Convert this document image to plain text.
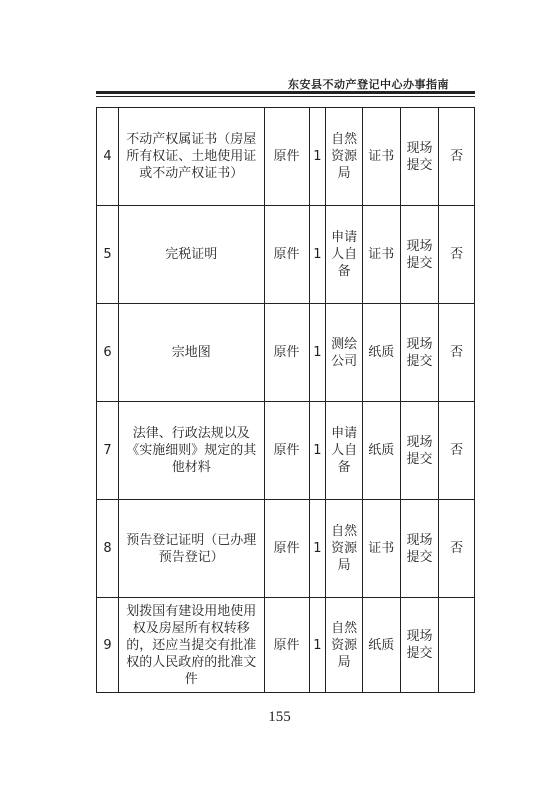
东安县不动产登记中心办事指南
4	不动产权属证书（房屋所有权证、土地使用证或不动产权证书）	原件	1	自然资源局	证书	现场提交	否
5	完税证明	原件	1	申请人自备	证书	现场提交	否
6	宗地图	原件	1	测绘公司	纸质	现场提交	否
7	法律、行政法规以及《实施细则》规定的其他材料	原件	1	申请人自备	纸质	现场提交	否
8	预告登记证明（已办理预告登记）	原件	1	自然资源局	证书	现场提交	否
9	划拨国有建设用地使用权及房屋所有权转移的，还应当提交有批准权的人民政府的批准文件	原件	1	自然资源局	纸质	现场提交	
155
